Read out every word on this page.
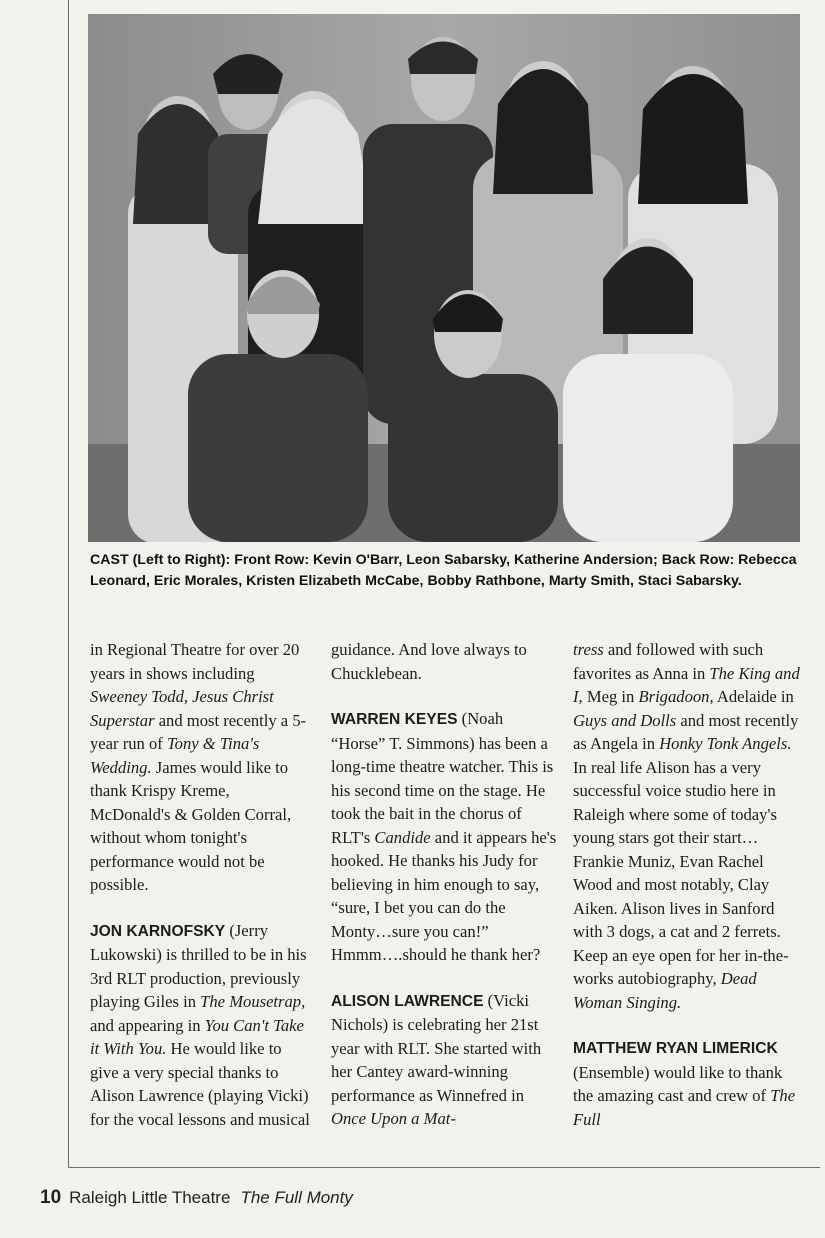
CAST (Left to Right): Front Row: Kevin O'Barr, Leon Sabarsky, Katherine Andersion; Back Row: Rebecca Leonard, Eric Morales, Kristen Elizabeth McCabe, Bobby Rathbone, Marty Smith, Staci Sabarsky.

in Regional Theatre for over 20 years in shows including Sweeney Todd, Jesus Christ Superstar and most recently a 5-year run of Tony & Tina's Wedding. James would like to thank Krispy Kreme, McDonald's & Golden Corral, without whom tonight's performance would not be possible.

JON KARNOFSKY (Jerry Lukowski) is thrilled to be in his 3rd RLT production, previously playing Giles in The Mousetrap, and appearing in You Can't Take it With You. He would like to give a very special thanks to Alison Lawrence (playing Vicki) for the vocal lessons and musical

guidance. And love always to Chucklebean.

WARREN KEYES (Noah “Horse” T. Simmons) has been a long-time theatre watcher. This is his second time on the stage. He took the bait in the chorus of RLT's Candide and it appears he's hooked. He thanks his Judy for believing in him enough to say, “sure, I bet you can do the Monty…sure you can!” Hmmm….should he thank her?

ALISON LAWRENCE (Vicki Nichols) is celebrating her 21st year with RLT. She started with her Cantey award-winning performance as Winnefred in Once Upon a Mat-

tress and followed with such favorites as Anna in The King and I, Meg in Brigadoon, Adelaide in Guys and Dolls and most recently as Angela in Honky Tonk Angels. In real life Alison has a very successful voice studio here in Raleigh where some of today's young stars got their start…Frankie Muniz, Evan Rachel Wood and most notably, Clay Aiken. Alison lives in Sanford with 3 dogs, a cat and 2 ferrets. Keep an eye open for her in-the-works autobiography, Dead Woman Singing.

MATTHEW RYAN LIMERICK (Ensemble) would like to thank the amazing cast and crew of The Full

10 Raleigh Little Theatre The Full Monty
